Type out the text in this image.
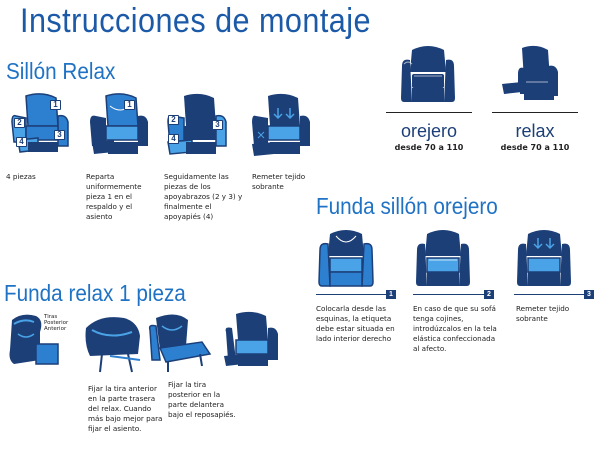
Instrucciones de montaje
orejero
desde 70 a 110
relax
desde 70 a 110
Sillón Relax
1
2
3
4
1
2
3
4
4 piezas	Reparta uniformemente pieza 1 en el respaldo y el asiento
Seguidamente las piezas de los apoyabrazos (2 y 3) y finalmente el apoyapiés (4)
Remeter tejido sobrante
Funda sillón orejero
1	2	3
Colocarla desde las esquinas, la etiqueta debe estar situada en lado interior derecho
En caso de que su sofá tenga cojines, introdúzcalos en la tela elástica confeccionada al afecto.
Remeter tejido sobrante
Funda relax 1 pieza
Tiras Posterior Anterior
Fijar la tira anterior en la parte trasera del relax. Cuando más bajo mejor para fijar el asiento.
Fijar la tira posterior en la parte delantera bajo el reposapiés.
